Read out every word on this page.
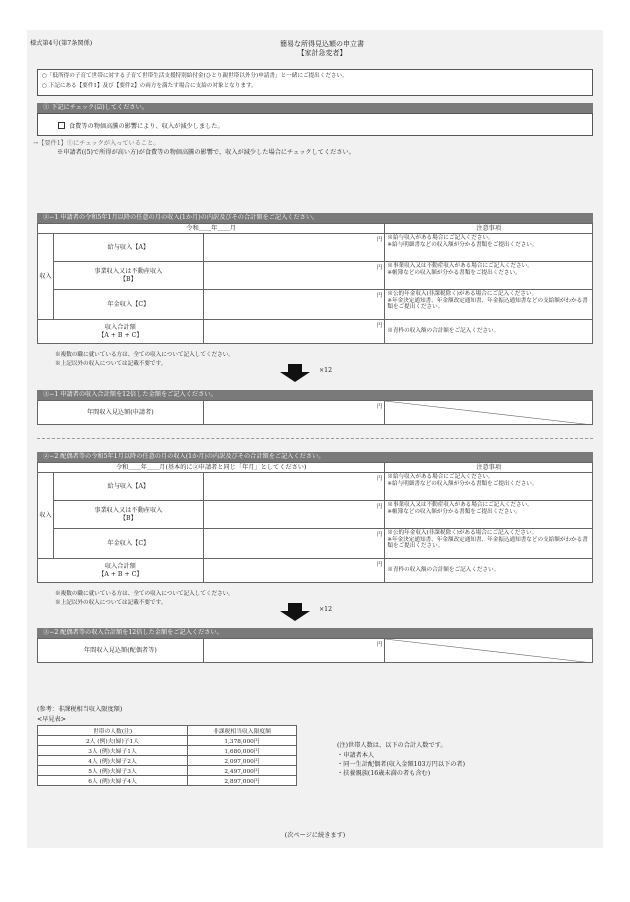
様式第4号(第7条関係)	簡易な所得見込額の申立書
【家計急変者】
○「低所得の子育て世帯に対する子育て世帯生活支援特別給付金(ひとり親世帯以外分)申請書」と一緒にご提出ください。
○ 下記にある【要件1】及び【要件2】の両方を満たす場合に支給の対象となります。
① 下記にチェック(☑)してください。
食費等の物価高騰の影響により、収入が減少しました。
→【要件1】①にチェックが入っていること。
※申請者((5)で所得が高い方)が食費等の物価高騰の影響で、収入が減少した場合にチェックしてください。
②−1 申請者の令和5年1月以降の任意の月の収入(1か月)の内訳及びその合計額をご記入ください。
令和＿＿年＿＿月			注意事項
収入	給与収入【A】	円	※給与収入がある場合にご記入ください。
※給与明細書などの収入額が分かる書類をご提出ください。
	事業収入又は不動産収入
【B】	円	※事業収入又は不動産収入がある場合にご記入ください。
※帳簿などの収入額が分かる書類をご提出ください。
	年金収入【C】	円	※公的年金収入(非課税除く)がある場合にご記入ください。
※年金決定通知書、年金額改定通知書、年金振込通知書などの支給額がわかる書類をご提出ください。
収入合計額
【A + B + C】		円	※青枠の収入額の合計額をご記入ください。
※複数の職に就いている方は、全ての収入について記入してください。
※上記以外の収入については記載不要です。
×12
③−1 申請者の収入合計額を12倍した金額をご記入ください。
年間収入見込額(申請者)	
円

②−2 配偶者等の令和5年1月以降の任意の月の収入(1か月)の内訳及びその合計額をご記入ください。
令和＿＿年＿＿月(基本的に②申請者と同じ「年月」としてください)			注意事項
収入	給与収入【A】	円	※給与収入がある場合にご記入ください。
※給与明細書などの収入額が分かる書類をご提出ください。
	事業収入又は不動産収入
【B】	円	※事業収入又は不動産収入がある場合にご記入ください。
※帳簿などの収入額が分かる書類をご提出ください。
	年金収入【C】	円	※公的年金収入(非課税除く)がある場合にご記入ください。
※年金決定通知書、年金額改定通知書、年金振込通知書などの支給額がわかる書類をご提出ください。
収入合計額
【A + B + C】		円	※青枠の収入額の合計額をご記入ください。
※複数の職に就いている方は、全ての収入について記入してください。
※上記以外の収入については記載不要です。
×12
③−2 配偶者等の収入合計額を12倍した金額をご記入ください。
年間収入見込額(配偶者等)	
円

(参考：非課税相当収入限度額)
<早見表>
世帯の人数(注)	非課税相当収入限度額
2人 (例)夫(婦)子1人	1,378,000円
3人 (例)夫婦子1人	1,680,000円
4人 (例)夫婦子2人	2,097,000円
5人 (例)夫婦子3人	2,497,000円
6人 (例)夫婦子4人	2,897,000円
(注)世帯人数は、以下の合計人数です。
・申請者本人
・同一生計配偶者(収入金額103万円以下の者)
・扶養親族(16歳未満の者も含む)
(次ページに続きます)
